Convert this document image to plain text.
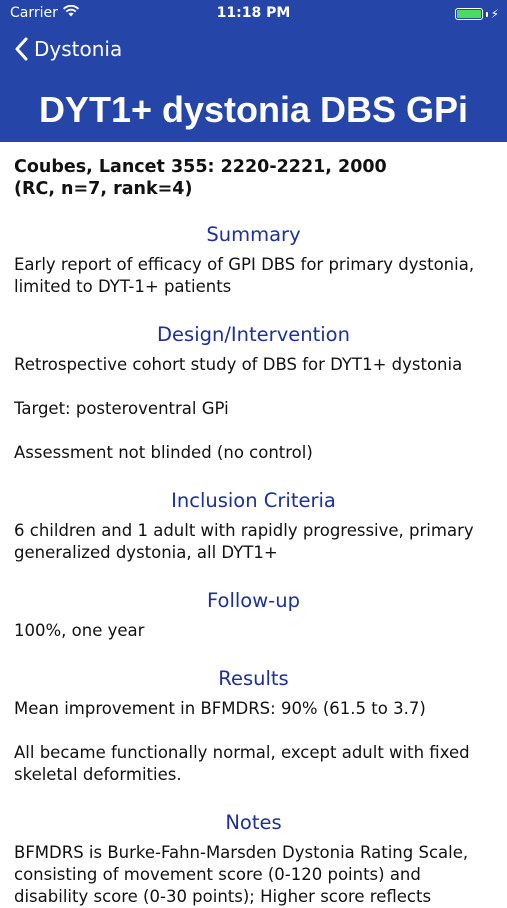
Carrier	11:18 PM	⚡
Dystonia
DYT1+ dystonia DBS GPi
Coubes, Lancet 355: 2220-2221, 2000
(RC, n=7, rank=4)
Summary

Early report of efficacy of GPI DBS for primary dystonia, limited to DYT-1+ patients

Design/Intervention

Retrospective cohort study of DBS for DYT1+ dystonia

Target: posteroventral GPi

Assessment not blinded (no control)

Inclusion Criteria

6 children and 1 adult with rapidly progressive, primary generalized dystonia, all DYT1+

Follow-up

100%, one year

Results

Mean improvement in BFMDRS: 90% (61.5 to 3.7)

All became functionally normal, except adult with fixed skeletal deformities.

Notes

BFMDRS is Burke-Fahn-Marsden Dystonia Rating Scale, consisting of movement score (0-120 points) and disability score (0-30 points); Higher score reflects
